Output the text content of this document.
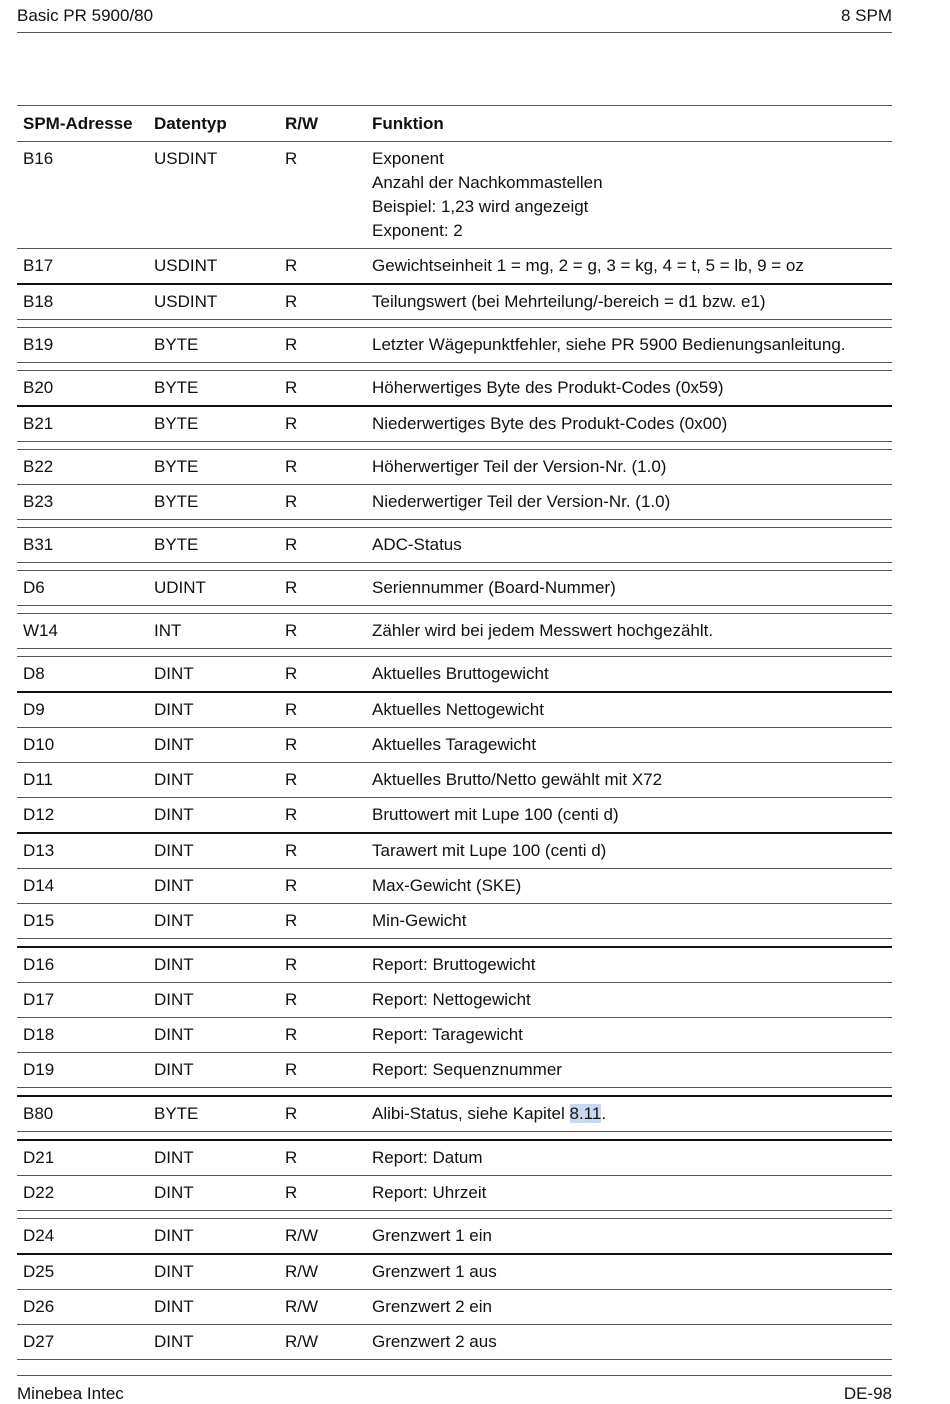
Basic PR 5900/80	8 SPM
SPM-Adresse	Datentyp	R/W	Funktion
B16	USDINT	R	Exponent
Anzahl der Nachkommastellen
Beispiel: 1,23 wird angezeigt
Exponent: 2

B17	USDINT	R	Gewichtseinheit 1 = mg, 2 = g, 3 = kg, 4 = t, 5 = lb, 9 = oz
B18	USDINT	R	Teilungswert (bei Mehrteilung/-bereich = d1 bzw. e1)

B19	BYTE	R	Letzter Wägepunktfehler, siehe PR 5900 Bedienungsanleitung.

B20	BYTE	R	Höherwertiges Byte des Produkt-Codes (0x59)
B21	BYTE	R	Niederwertiges Byte des Produkt-Codes (0x00)

B22	BYTE	R	Höherwertiger Teil der Version-Nr. (1.0)
B23	BYTE	R	Niederwertiger Teil der Version-Nr. (1.0)

B31	BYTE	R	ADC-Status

D6	UDINT	R	Seriennummer (Board-Nummer)

W14	INT	R	Zähler wird bei jedem Messwert hochgezählt.

D8	DINT	R	Aktuelles Bruttogewicht
D9	DINT	R	Aktuelles Nettogewicht
D10	DINT	R	Aktuelles Taragewicht
D11	DINT	R	Aktuelles Brutto/Netto gewählt mit X72
D12	DINT	R	Bruttowert mit Lupe 100 (centi d)
D13	DINT	R	Tarawert mit Lupe 100 (centi d)
D14	DINT	R	Max-Gewicht (SKE)
D15	DINT	R	Min-Gewicht

D16	DINT	R	Report: Bruttogewicht
D17	DINT	R	Report: Nettogewicht
D18	DINT	R	Report: Taragewicht
D19	DINT	R	Report: Sequenznummer

B80	BYTE	R	Alibi-Status, siehe Kapitel 8.11.

D21	DINT	R	Report: Datum
D22	DINT	R	Report: Uhrzeit

D24	DINT	R/W	Grenzwert 1 ein
D25	DINT	R/W	Grenzwert 1 aus
D26	DINT	R/W	Grenzwert 2 ein
D27	DINT	R/W	Grenzwert 2 aus
Minebea Intec	DE-98
